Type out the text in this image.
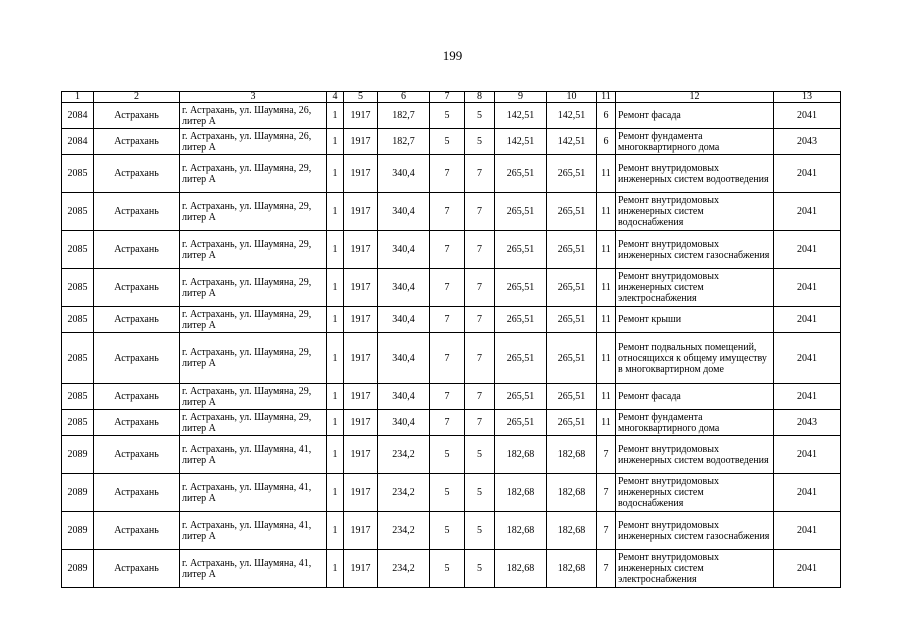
199
1	2	3	4	5	6	7	8	9	10	11	12	13
2084	Астрахань	г. Астрахань, ул. Шаумяна, 26, литер А	1	1917	182,7	5	5	142,51	142,51	6	Ремонт фасада	2041
2084	Астрахань	г. Астрахань, ул. Шаумяна, 26, литер А	1	1917	182,7	5	5	142,51	142,51	6	Ремонт фундамента многоквартирного дома	2043
2085	Астрахань	г. Астрахань, ул. Шаумяна, 29, литер А	1	1917	340,4	7	7	265,51	265,51	11	Ремонт внутридомовых инженерных систем водоотведения	2041
2085	Астрахань	г. Астрахань, ул. Шаумяна, 29, литер А	1	1917	340,4	7	7	265,51	265,51	11	Ремонт внутридомовых инженерных систем водоснабжения	2041
2085	Астрахань	г. Астрахань, ул. Шаумяна, 29, литер А	1	1917	340,4	7	7	265,51	265,51	11	Ремонт внутридомовых инженерных систем газоснабжения	2041
2085	Астрахань	г. Астрахань, ул. Шаумяна, 29, литер А	1	1917	340,4	7	7	265,51	265,51	11	Ремонт внутридомовых инженерных систем электроснабжения	2041
2085	Астрахань	г. Астрахань, ул. Шаумяна, 29, литер А	1	1917	340,4	7	7	265,51	265,51	11	Ремонт крыши	2041
2085	Астрахань	г. Астрахань, ул. Шаумяна, 29, литер А	1	1917	340,4	7	7	265,51	265,51	11	Ремонт подвальных помещений, относящихся к общему имуществу в многоквартирном доме	2041
2085	Астрахань	г. Астрахань, ул. Шаумяна, 29, литер А	1	1917	340,4	7	7	265,51	265,51	11	Ремонт фасада	2041
2085	Астрахань	г. Астрахань, ул. Шаумяна, 29, литер А	1	1917	340,4	7	7	265,51	265,51	11	Ремонт фундамента многоквартирного дома	2043
2089	Астрахань	г. Астрахань, ул. Шаумяна, 41, литер А	1	1917	234,2	5	5	182,68	182,68	7	Ремонт внутридомовых инженерных систем водоотведения	2041
2089	Астрахань	г. Астрахань, ул. Шаумяна, 41, литер А	1	1917	234,2	5	5	182,68	182,68	7	Ремонт внутридомовых инженерных систем водоснабжения	2041
2089	Астрахань	г. Астрахань, ул. Шаумяна, 41, литер А	1	1917	234,2	5	5	182,68	182,68	7	Ремонт внутридомовых инженерных систем газоснабжения	2041
2089	Астрахань	г. Астрахань, ул. Шаумяна, 41, литер А	1	1917	234,2	5	5	182,68	182,68	7	Ремонт внутридомовых инженерных систем электроснабжения	2041
